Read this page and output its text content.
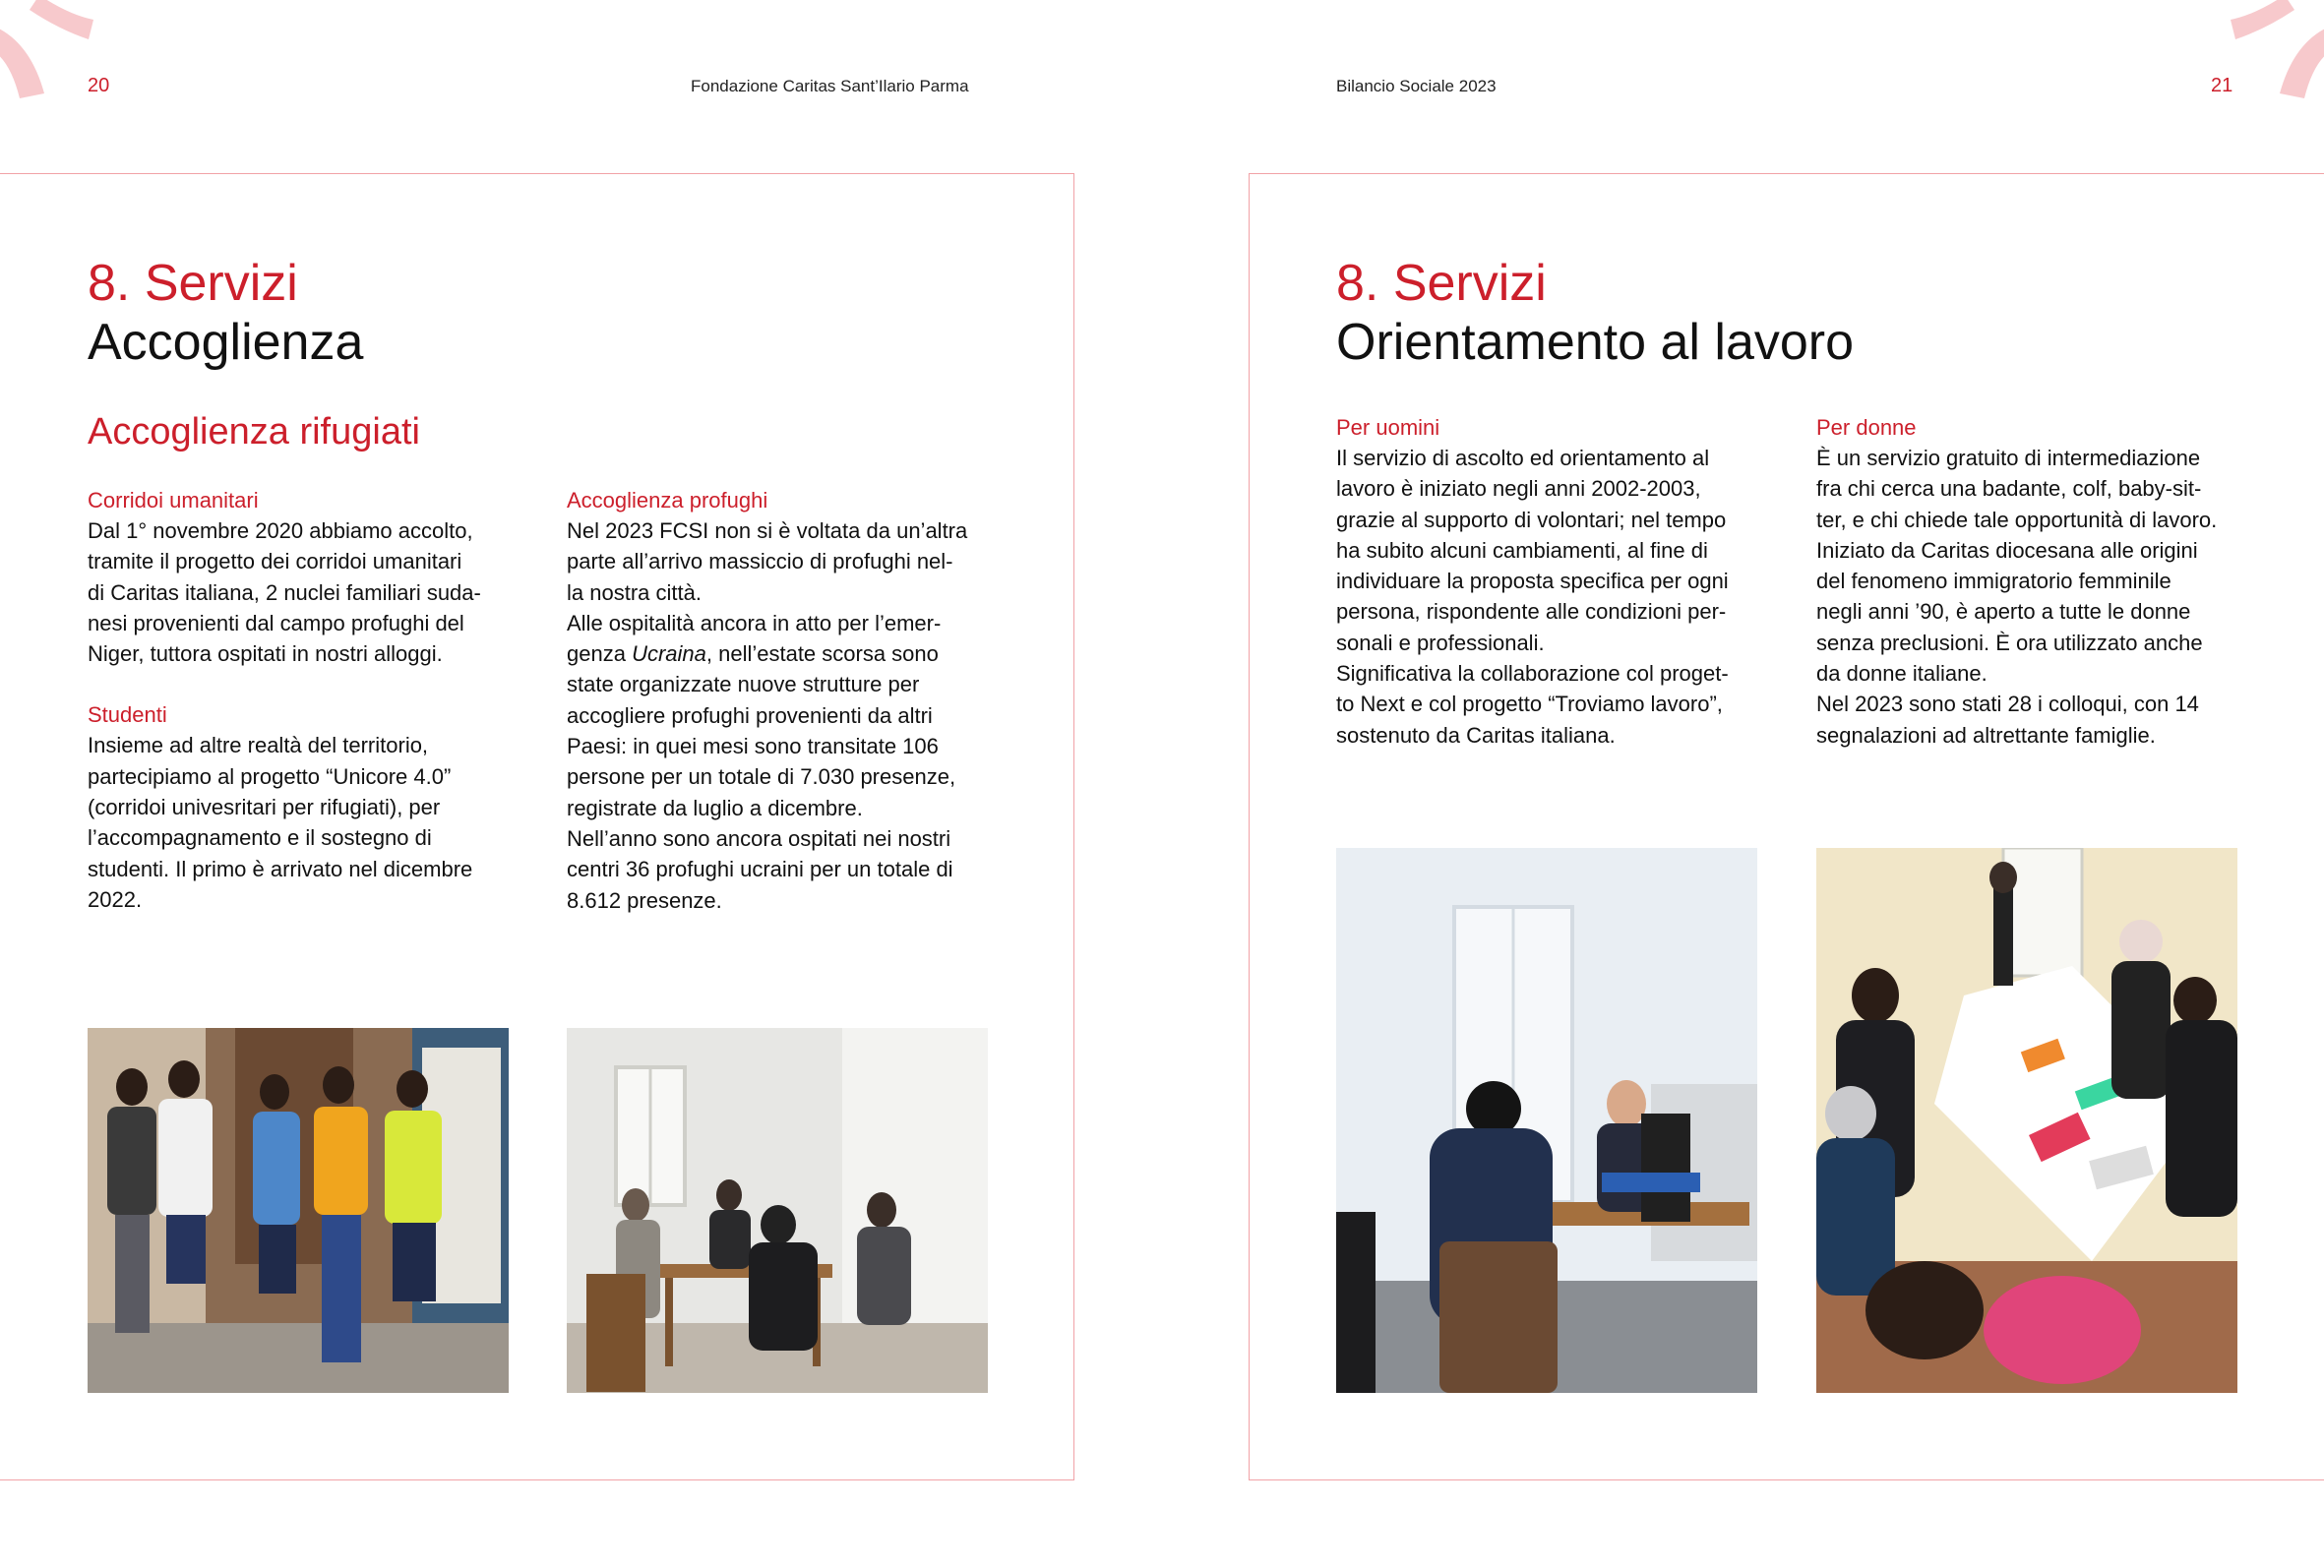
20	Fondazione Caritas Sant’Ilario Parma	Bilancio Sociale 2023	21
8. Servizi
Accoglienza
Accoglienza rifugiati
Corridoi umanitari
Dal 1° novembre 2020 abbiamo accolto,
tramite il progetto dei corridoi umanitari
di Caritas italiana, 2 nuclei familiari suda-
nesi provenienti dal campo profughi del
Niger, tuttora ospitati in nostri alloggi.
Studenti
Insieme ad altre realtà del territorio,
partecipiamo al progetto “Unicore 4.0”
(corridoi univesritari per rifugiati), per
l’accompagnamento e il sostegno di
studenti. Il primo è arrivato nel dicembre
2022.
Accoglienza profughi
Nel 2023 FCSI non si è voltata da un’altra
parte all’arrivo massiccio di profughi nel-
la nostra città.
Alle ospitalità ancora in atto per l’emer-
genza Ucraina, nell’estate scorsa sono
state organizzate nuove strutture per
accogliere profughi provenienti da altri
Paesi: in quei mesi sono transitate 106
persone per un totale di 7.030 presenze,
registrate da luglio a dicembre.
Nell’anno sono ancora ospitati nei nostri
centri 36 profughi ucraini per un totale di
8.612 presenze.
8. Servizi
Orientamento al lavoro
Per uomini
Il servizio di ascolto ed orientamento al
lavoro è iniziato negli anni 2002-2003,
grazie al supporto di volontari; nel tempo
ha subito alcuni cambiamenti, al fine di
individuare la proposta specifica per ogni
persona, rispondente alle condizioni per-
sonali e professionali.
Significativa la collaborazione col proget-
to Next e col progetto “Troviamo lavoro”,
sostenuto da Caritas italiana.
Per donne
È un servizio gratuito di intermediazione
fra chi cerca una badante, colf, baby-sit-
ter, e chi chiede tale opportunità di lavoro.
Iniziato da Caritas diocesana alle origini
del fenomeno immigratorio femminile
negli anni ’90, è aperto a tutte le donne
senza preclusioni. È ora utilizzato anche
da donne italiane.
Nel 2023 sono stati 28 i colloqui, con 14
segnalazioni ad altrettante famiglie.
